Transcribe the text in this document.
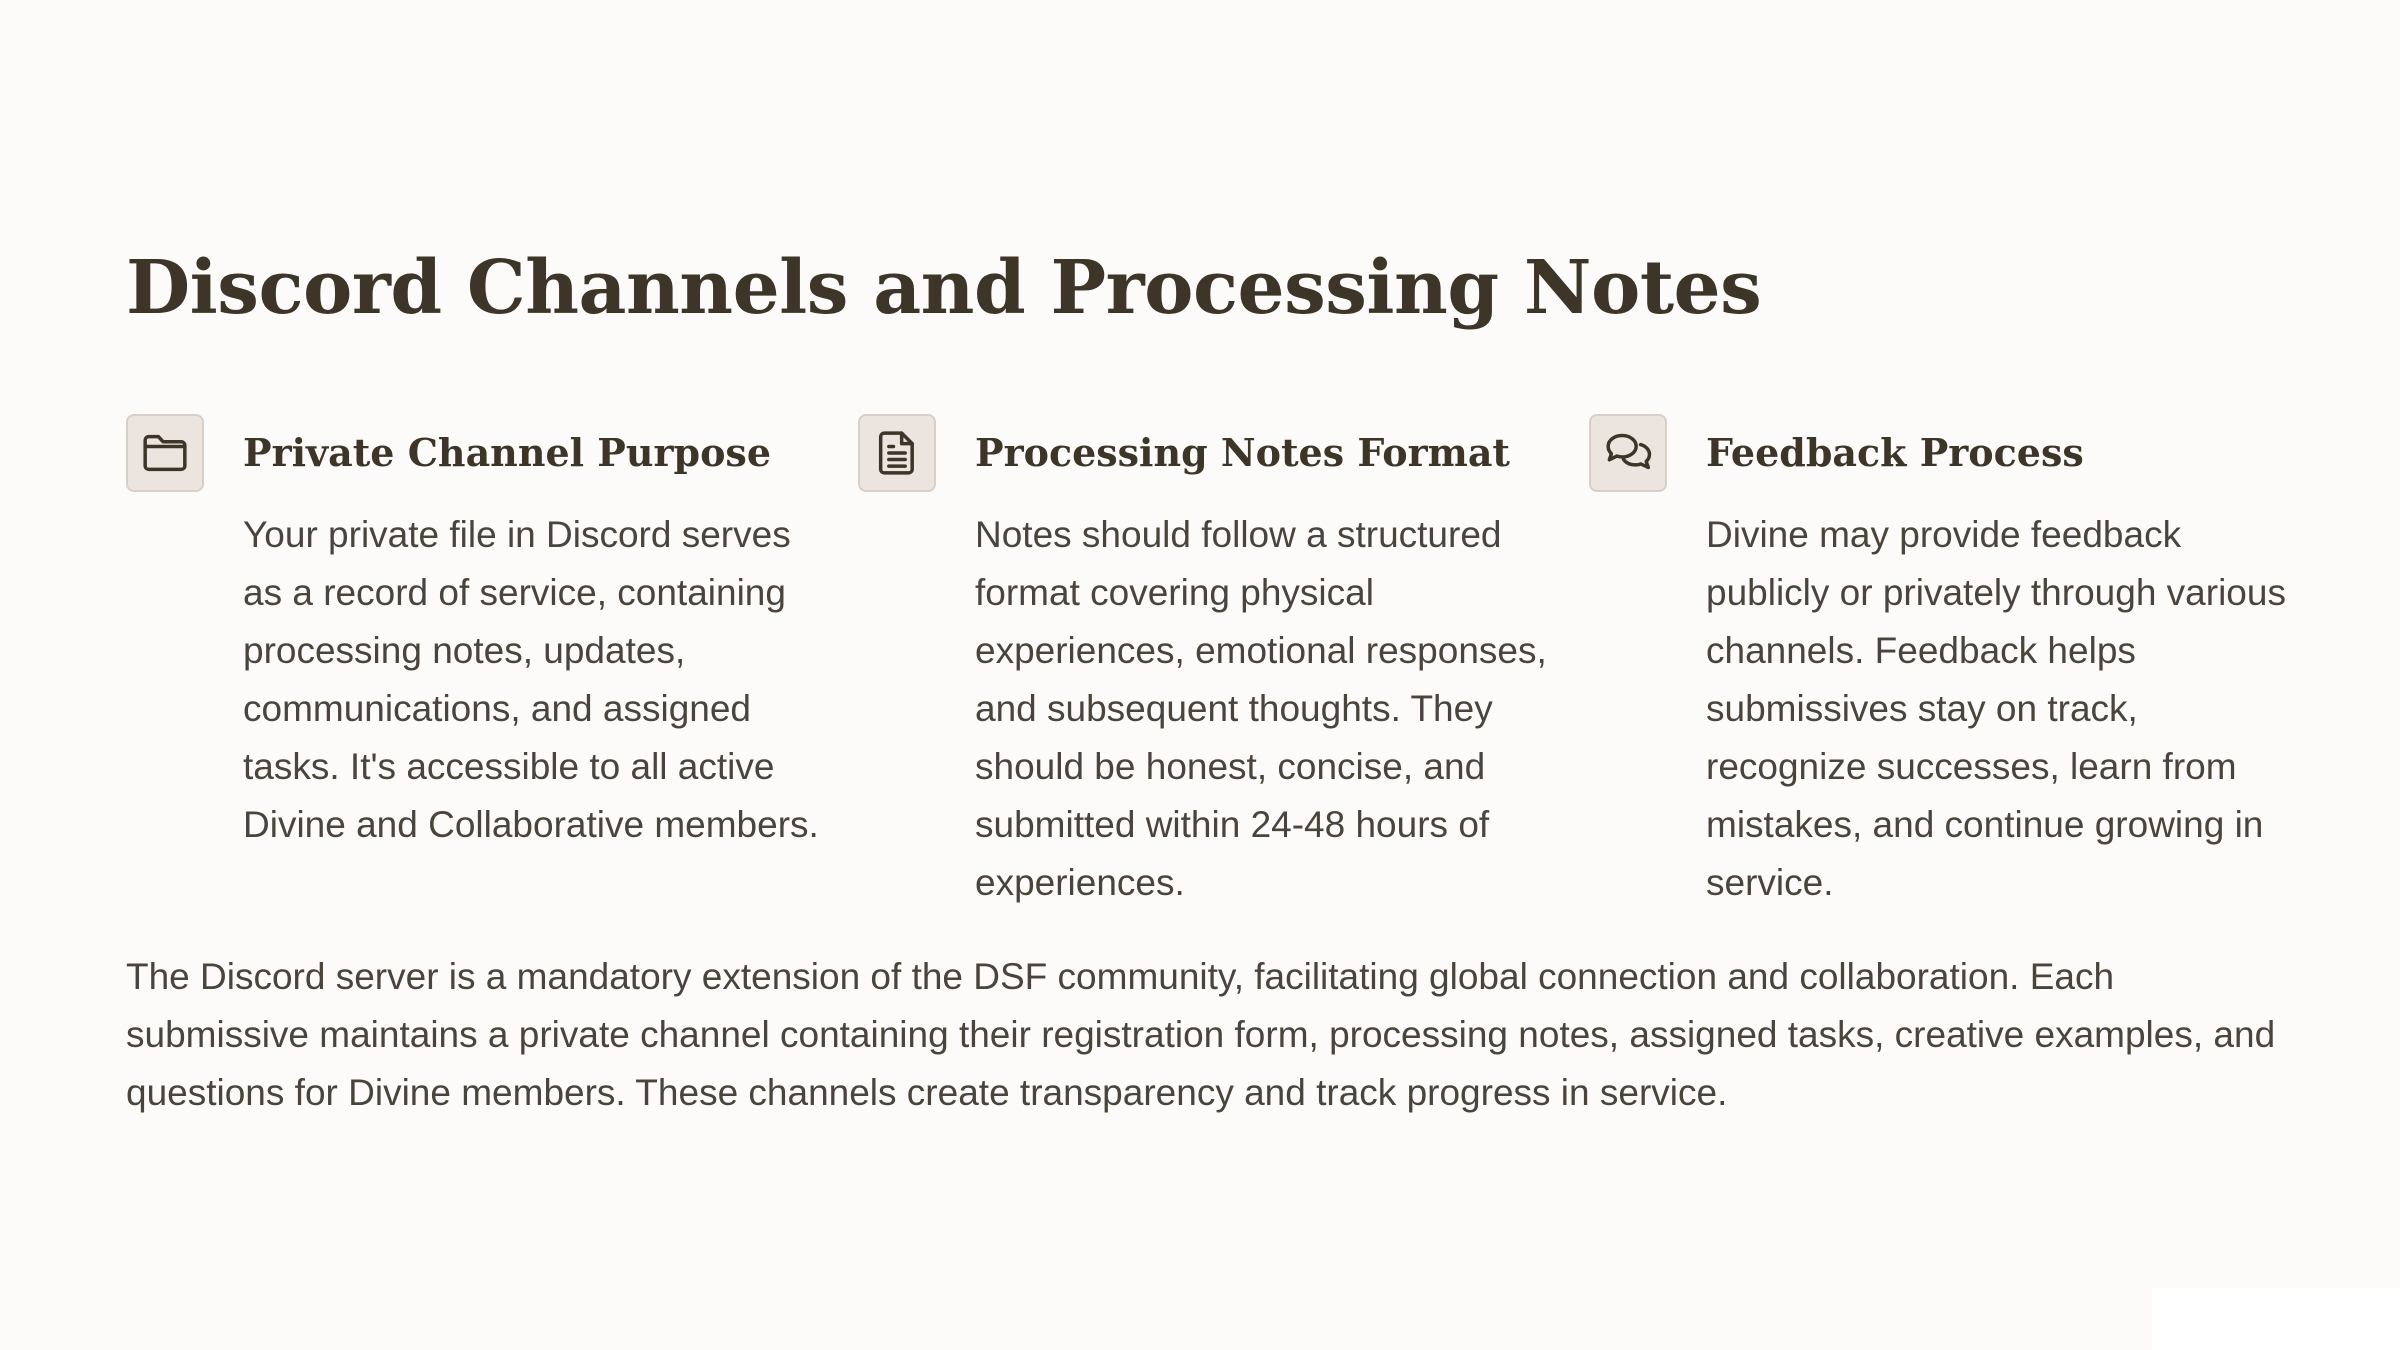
Discord Channels and Processing Notes
Private Channel Purpose

Your private file in Discord serves as a record of service, containing processing notes, updates, communications, and assigned tasks. It's accessible to all active Divine and Collaborative members.

Processing Notes Format

Notes should follow a structured format covering physical experiences, emotional responses, and subsequent thoughts. They should be honest, concise, and submitted within 24-48 hours of experiences.

Feedback Process

Divine may provide feedback publicly or privately through various channels. Feedback helps submissives stay on track, recognize successes, learn from mistakes, and continue growing in service.

The Discord server is a mandatory extension of the DSF community, facilitating global connection and collaboration. Each submissive maintains a private channel containing their registration form, processing notes, assigned tasks, creative examples, and questions for Divine members. These channels create transparency and track progress in service.
